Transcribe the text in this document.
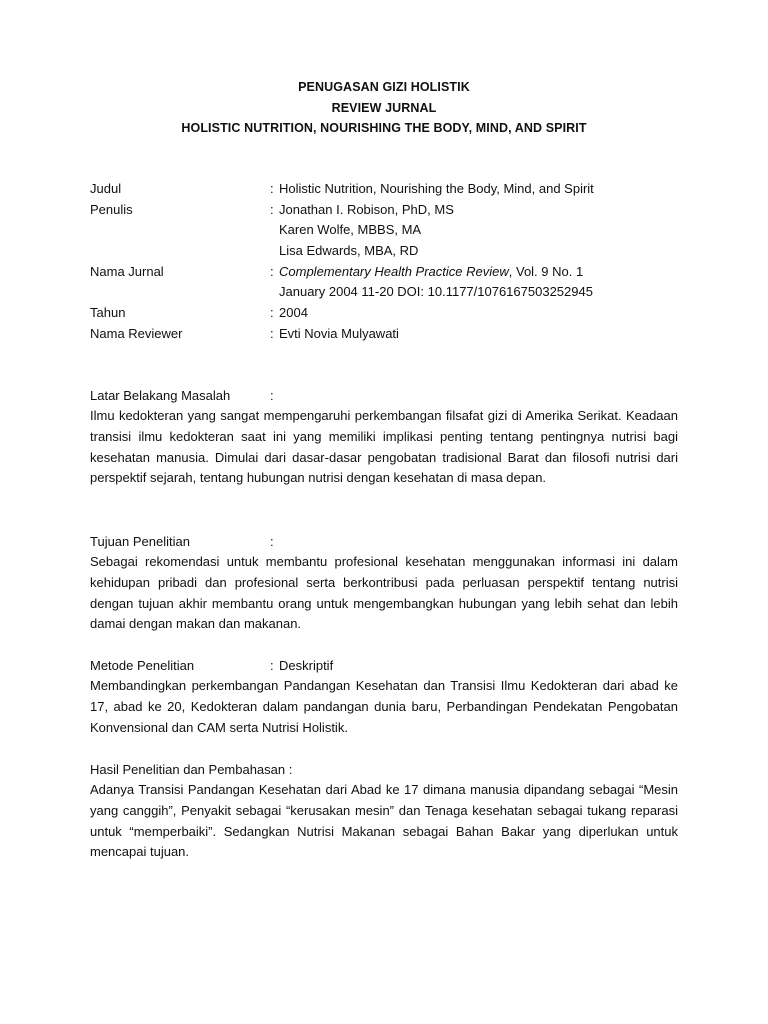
PENUGASAN GIZI HOLISTIK
REVIEW JURNAL
HOLISTIC NUTRITION, NOURISHING THE BODY, MIND, AND SPIRIT
Judul	: Holistic Nutrition, Nourishing the Body, Mind, and Spirit
Penulis	: Jonathan I. Robison, PhD, MS
Karen Wolfe, MBBS, MA
Lisa Edwards, MBA, RD
Nama Jurnal	: Complementary Health Practice Review, Vol. 9 No. 1
January 2004 11-20 DOI: 10.1177/1076167503252945
Tahun	: 2004
Nama Reviewer	: Evti Novia Mulyawati
Latar Belakang Masalah	:

Ilmu kedokteran yang sangat mempengaruhi perkembangan filsafat gizi di Amerika Serikat. Keadaan transisi ilmu kedokteran saat ini yang memiliki implikasi penting tentang pentingnya nutrisi bagi kesehatan manusia. Dimulai dari dasar-dasar pengobatan tradisional Barat dan filosofi nutrisi dari perspektif sejarah, tentang hubungan nutrisi dengan kesehatan di masa depan.

Tujuan Penelitian	:

Sebagai rekomendasi untuk membantu profesional kesehatan menggunakan informasi ini dalam kehidupan pribadi dan profesional serta berkontribusi pada perluasan perspektif tentang nutrisi dengan tujuan akhir membantu orang untuk mengembangkan hubungan yang lebih sehat dan lebih damai dengan makan dan makanan.

Metode Penelitian	: Deskriptif

Membandingkan perkembangan Pandangan Kesehatan dan Transisi Ilmu Kedokteran dari abad ke 17, abad ke 20, Kedokteran dalam pandangan dunia baru, Perbandingan Pendekatan Pengobatan Konvensional dan CAM serta Nutrisi Holistik.

Hasil Penelitian dan Pembahasan :

Adanya Transisi Pandangan Kesehatan dari Abad ke 17 dimana manusia dipandang sebagai “Mesin yang canggih”, Penyakit sebagai “kerusakan mesin” dan Tenaga kesehatan sebagai tukang reparasi untuk “memperbaiki”. Sedangkan Nutrisi Makanan sebagai Bahan Bakar yang diperlukan untuk mencapai tujuan.
